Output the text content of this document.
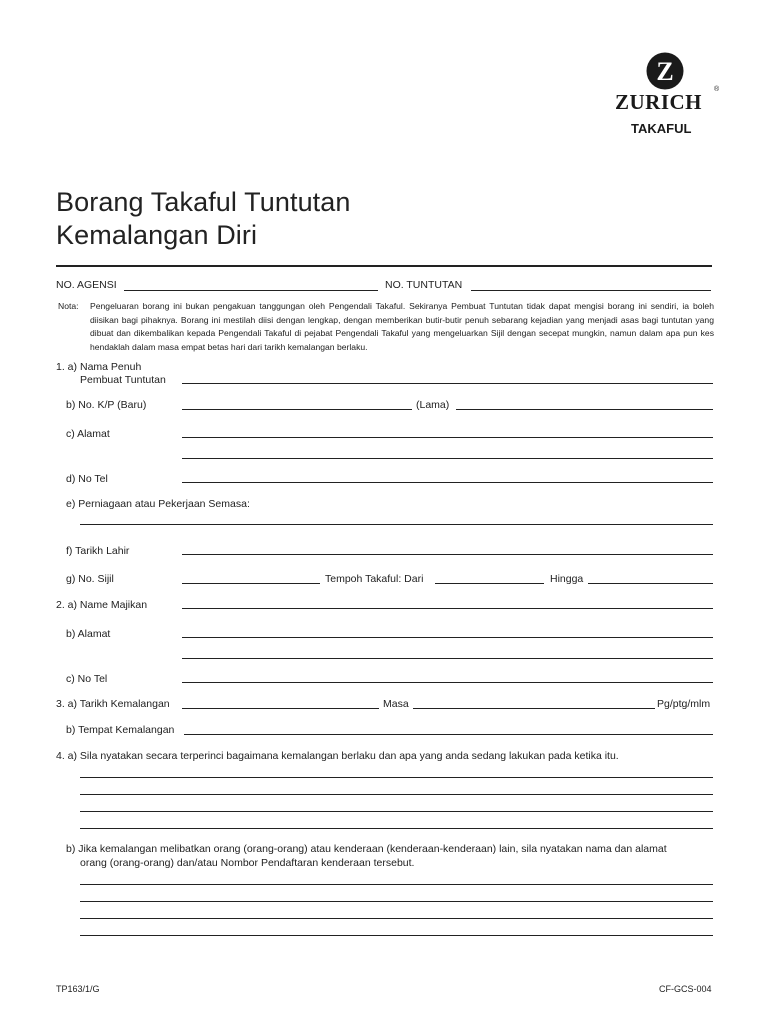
Z
ZURICH
®
TAKAFUL
Borang Takaful Tuntutan
Kemalangan Diri
NO. AGENSI	NO. TUNTUTAN
Nota: Pengeluaran borang ini bukan pengakuan tanggungan oleh Pengendali Takaful. Sekiranya Pembuat Tuntutan tidak dapat mengisi borang ini sendiri, ia boleh diisikan bagi pihaknya. Borang ini mestilah diisi dengan lengkap, dengan memberikan butir-butir penuh sebarang kejadian yang menjadi asas bagi tuntutan yang dibuat dan dikembalikan kepada Pengendali Takaful di pejabat Pengendali Takaful yang mengeluarkan Sijil dengan secepat mungkin, namun dalam apa pun kes hendaklah dalam masa empat betas hari dari tarikh kemalangan berlaku.
1. a) Nama Penuh
Pembuat Tuntutan
b) No. K/P (Baru)	(Lama)
c) Alamat
d) No Tel
e) Perniagaan atau Pekerjaan Semasa:
f) Tarikh Lahir
g) No. Sijil	Tempoh Takaful: Dari	Hingga
2. a) Name Majikan
b) Alamat
c) No Tel
3. a) Tarikh Kemalangan	Masa	Pg/ptg/mlm
b) Tempat Kemalangan
4. a) Sila nyatakan secara terperinci bagaimana kemalangan berlaku dan apa yang anda sedang lakukan pada ketika itu.
b) Jika kemalangan melibatkan orang (orang-orang) atau kenderaan (kenderaan-kenderaan) lain, sila nyatakan nama dan alamat
orang (orang-orang) dan/atau Nombor Pendaftaran kenderaan tersebut.
TP163/1/G	CF-GCS-004
